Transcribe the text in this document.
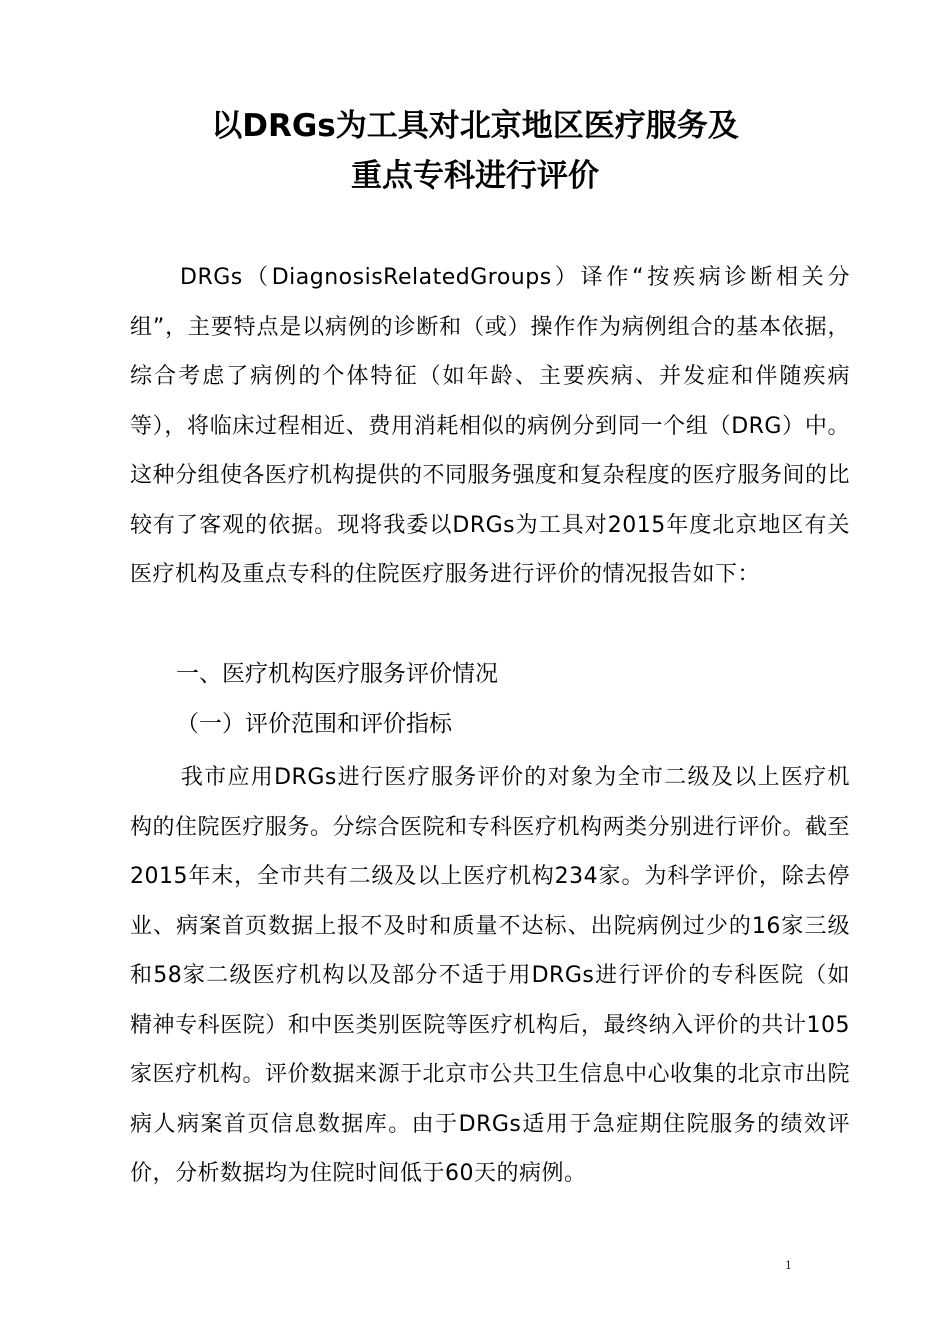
以DRGs为工具对北京地区医疗服务及
重点专科进行评价
DRGs（DiagnosisRelatedGroups）译作“按疾病诊断相关分组”，主要特点是以病例的诊断和（或）操作作为病例组合的基本依据，综合考虑了病例的个体特征（如年龄、主要疾病、并发症和伴随疾病等），将临床过程相近、费用消耗相似的病例分到同一个组（DRG）中。这种分组使各医疗机构提供的不同服务强度和复杂程度的医疗服务间的比较有了客观的依据。现将我委以DRGs为工具对2015年度北京地区有关医疗机构及重点专科的住院医疗服务进行评价的情况报告如下：
一、医疗机构医疗服务评价情况
（一）评价范围和评价指标
我市应用DRGs进行医疗服务评价的对象为全市二级及以上医疗机构的住院医疗服务。分综合医院和专科医疗机构两类分别进行评价。截至2015年末，全市共有二级及以上医疗机构234家。为科学评价，除去停业、病案首页数据上报不及时和质量不达标、出院病例过少的16家三级和58家二级医疗机构以及部分不适于用DRGs进行评价的专科医院（如精神专科医院）和中医类别医院等医疗机构后，最终纳入评价的共计105家医疗机构。评价数据来源于北京市公共卫生信息中心收集的北京市出院病人病案首页信息数据库。由于DRGs适用于急症期住院服务的绩效评价，分析数据均为住院时间低于60天的病例。
1
